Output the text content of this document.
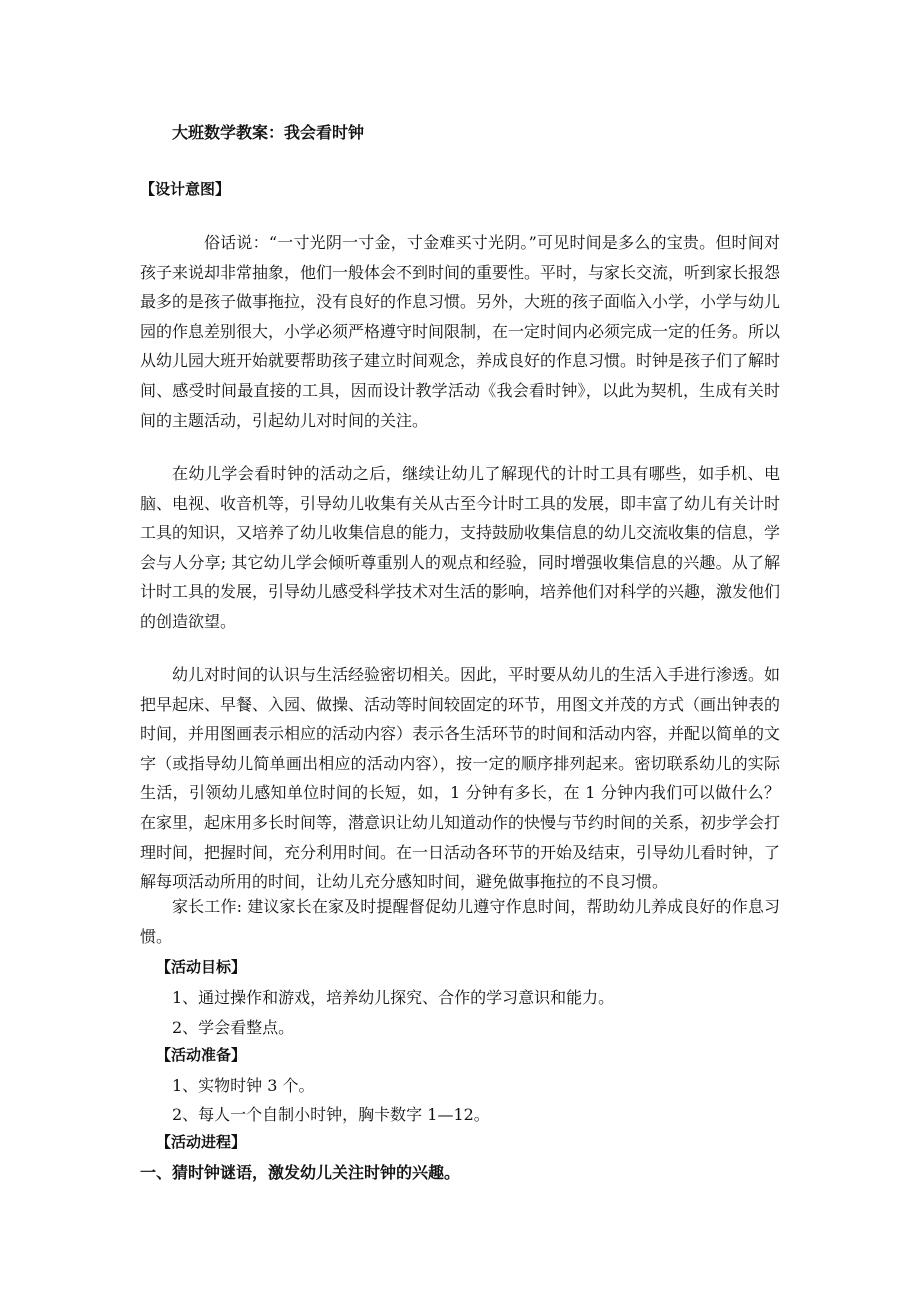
大班数学教案：我会看时钟
【设计意图】

俗话说：“一寸光阴一寸金，寸金难买寸光阴。”可见时间是多么的宝贵。但时间对孩子来说却非常抽象，他们一般体会不到时间的重要性。平时，与家长交流，听到家长报怨最多的是孩子做事拖拉，没有良好的作息习惯。另外，大班的孩子面临入小学，小学与幼儿园的作息差别很大，小学必须严格遵守时间限制，在一定时间内必须完成一定的任务。所以从幼儿园大班开始就要帮助孩子建立时间观念，养成良好的作息习惯。时钟是孩子们了解时间、感受时间最直接的工具，因而设计教学活动《我会看时钟》，以此为契机，生成有关时间的主题活动，引起幼儿对时间的关注。

在幼儿学会看时钟的活动之后，继续让幼儿了解现代的计时工具有哪些，如手机、电脑、电视、收音机等，引导幼儿收集有关从古至今计时工具的发展，即丰富了幼儿有关计时工具的知识，又培养了幼儿收集信息的能力，支持鼓励收集信息的幼儿交流收集的信息，学会与人分享; 其它幼儿学会倾听尊重别人的观点和经验，同时增强收集信息的兴趣。从了解计时工具的发展，引导幼儿感受科学技术对生活的影响，培养他们对科学的兴趣，激发他们的创造欲望。

幼儿对时间的认识与生活经验密切相关。因此，平时要从幼儿的生活入手进行渗透。如把早起床、早餐、入园、做操、活动等时间较固定的环节，用图文并茂的方式（画出钟表的时间，并用图画表示相应的活动内容）表示各生活环节的时间和活动内容，并配以简单的文字（或指导幼儿简单画出相应的活动内容），按一定的顺序排列起来。密切联系幼儿的实际生活，引领幼儿感知单位时间的长短，如，1 分钟有多长，在 1 分钟内我们可以做什么？在家里，起床用多长时间等，潜意识让幼儿知道动作的快慢与节约时间的关系，初步学会打理时间，把握时间，充分利用时间。在一日活动各环节的开始及结束，引导幼儿看时钟，了解每项活动所用的时间，让幼儿充分感知时间，避免做事拖拉的不良习惯。

家长工作: 建议家长在家及时提醒督促幼儿遵守作息时间，帮助幼儿养成良好的作息习惯。

【活动目标】
1、通过操作和游戏，培养幼儿探究、合作的学习意识和能力。
2、学会看整点。
【活动准备】
1、实物时钟 3 个。
2、每人一个自制小时钟，胸卡数字 1—12。
【活动进程】
一、猜时钟谜语，激发幼儿关注时钟的兴趣。
